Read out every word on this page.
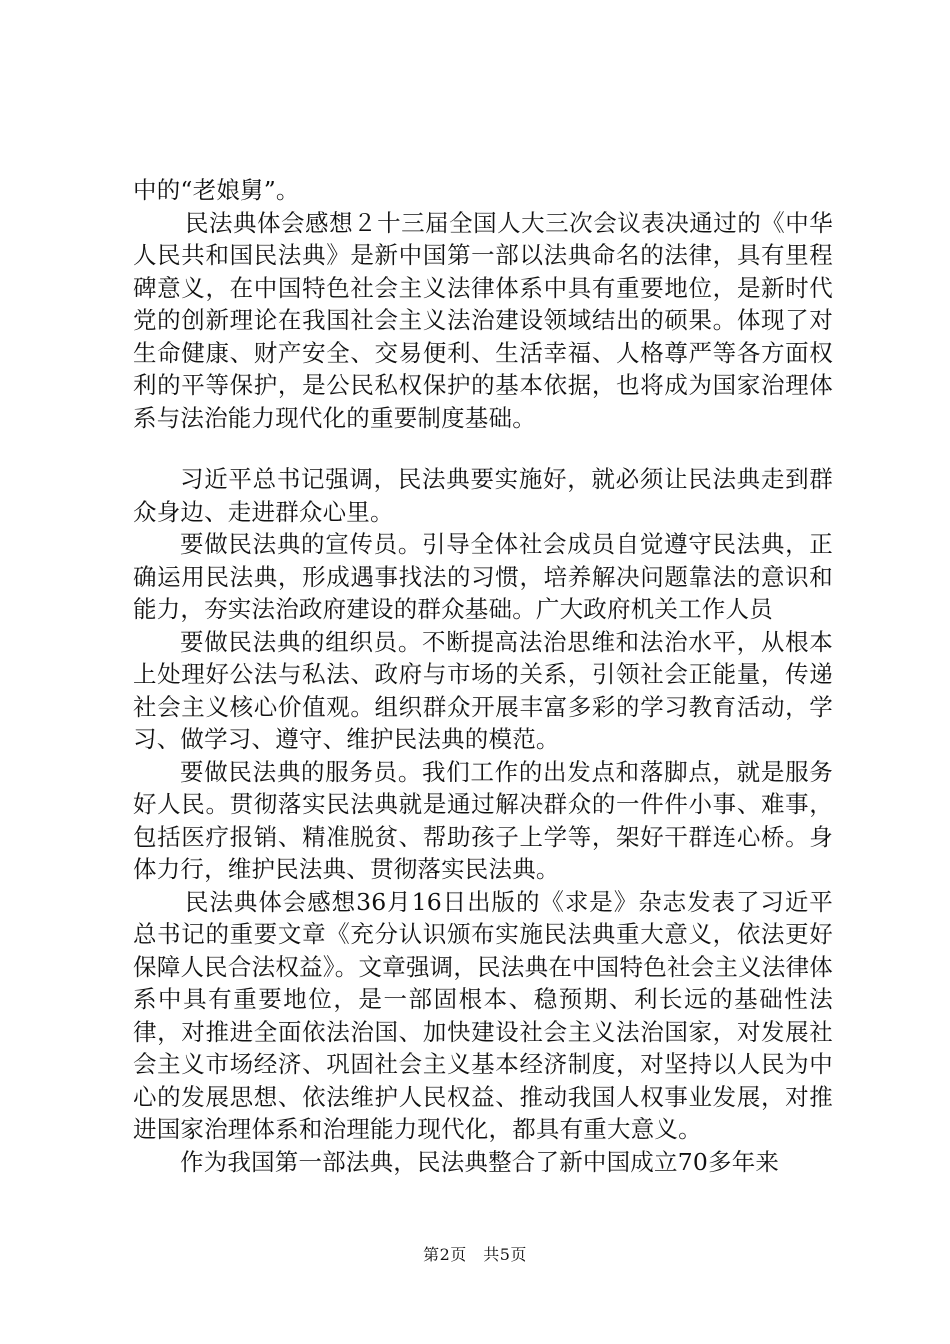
中的“老娘舅”。

民法典体会感想２十三届全国人大三次会议表决通过的《中华人民共和国民法典》是新中国第一部以法典命名的法律，具有里程碑意义，在中国特色社会主义法律体系中具有重要地位，是新时代党的创新理论在我国社会主义法治建设领域结出的硕果。体现了对生命健康、财产安全、交易便利、生活幸福、人格尊严等各方面权利的平等保护，是公民私权保护的基本依据，也将成为国家治理体系与法治能力现代化的重要制度基础。

习近平总书记强调，民法典要实施好，就必须让民法典走到群众身边、走进群众心里。

要做民法典的宣传员。引导全体社会成员自觉遵守民法典，正确运用民法典，形成遇事找法的习惯，培养解决问题靠法的意识和能力，夯实法治政府建设的群众基础。广大政府机关工作人员

要做民法典的组织员。不断提高法治思维和法治水平，从根本上处理好公法与私法、政府与市场的关系，引领社会正能量，传递社会主义核心价值观。组织群众开展丰富多彩的学习教育活动，学习、做学习、遵守、维护民法典的模范。

要做民法典的服务员。我们工作的出发点和落脚点，就是服务好人民。贯彻落实民法典就是通过解决群众的一件件小事、难事，包括医疗报销、精准脱贫、帮助孩子上学等，架好干群连心桥。身体力行，维护民法典、贯彻落实民法典。

民法典体会感想36月16日出版的《求是》杂志发表了习近平总书记的重要文章《充分认识颁布实施民法典重大意义，依法更好保障人民合法权益》。文章强调，民法典在中国特色社会主义法律体系中具有重要地位，是一部固根本、稳预期、利长远的基础性法律，对推进全面依法治国、加快建设社会主义法治国家，对发展社会主义市场经济、巩固社会主义基本经济制度，对坚持以人民为中心的发展思想、依法维护人民权益、推动我国人权事业发展，对推进国家治理体系和治理能力现代化，都具有重大意义。

作为我国第一部法典，民法典整合了新中国成立70多年来

第2页　共5页
